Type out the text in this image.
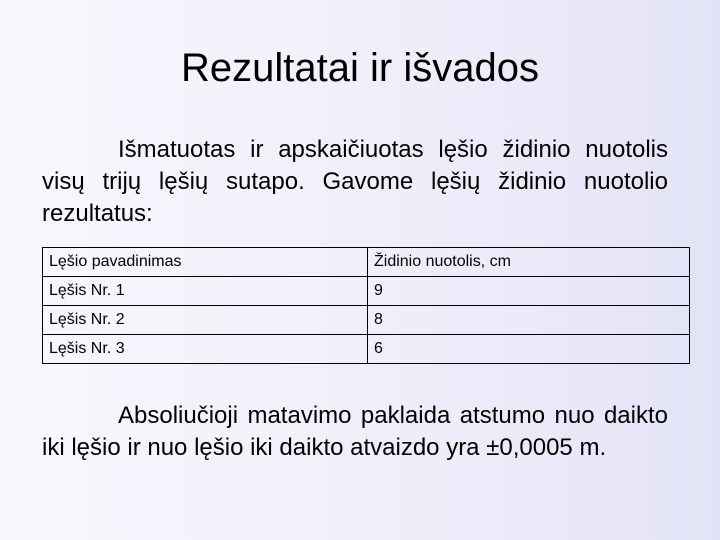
Rezultatai ir išvados
Išmatuotas ir apskaičiuotas lęšio židinio nuotolis visų trijų lęšių sutapo. Gavome lęšių židinio nuotolio rezultatus:
Lęšio pavadinimas	Židinio nuotolis, cm
Lęšis Nr. 1	9
Lęšis Nr. 2	8
Lęšis Nr. 3	6
Absoliučioji matavimo paklaida atstumo nuo daikto iki lęšio ir nuo lęšio iki daikto atvaizdo yra ±0,0005 m.
